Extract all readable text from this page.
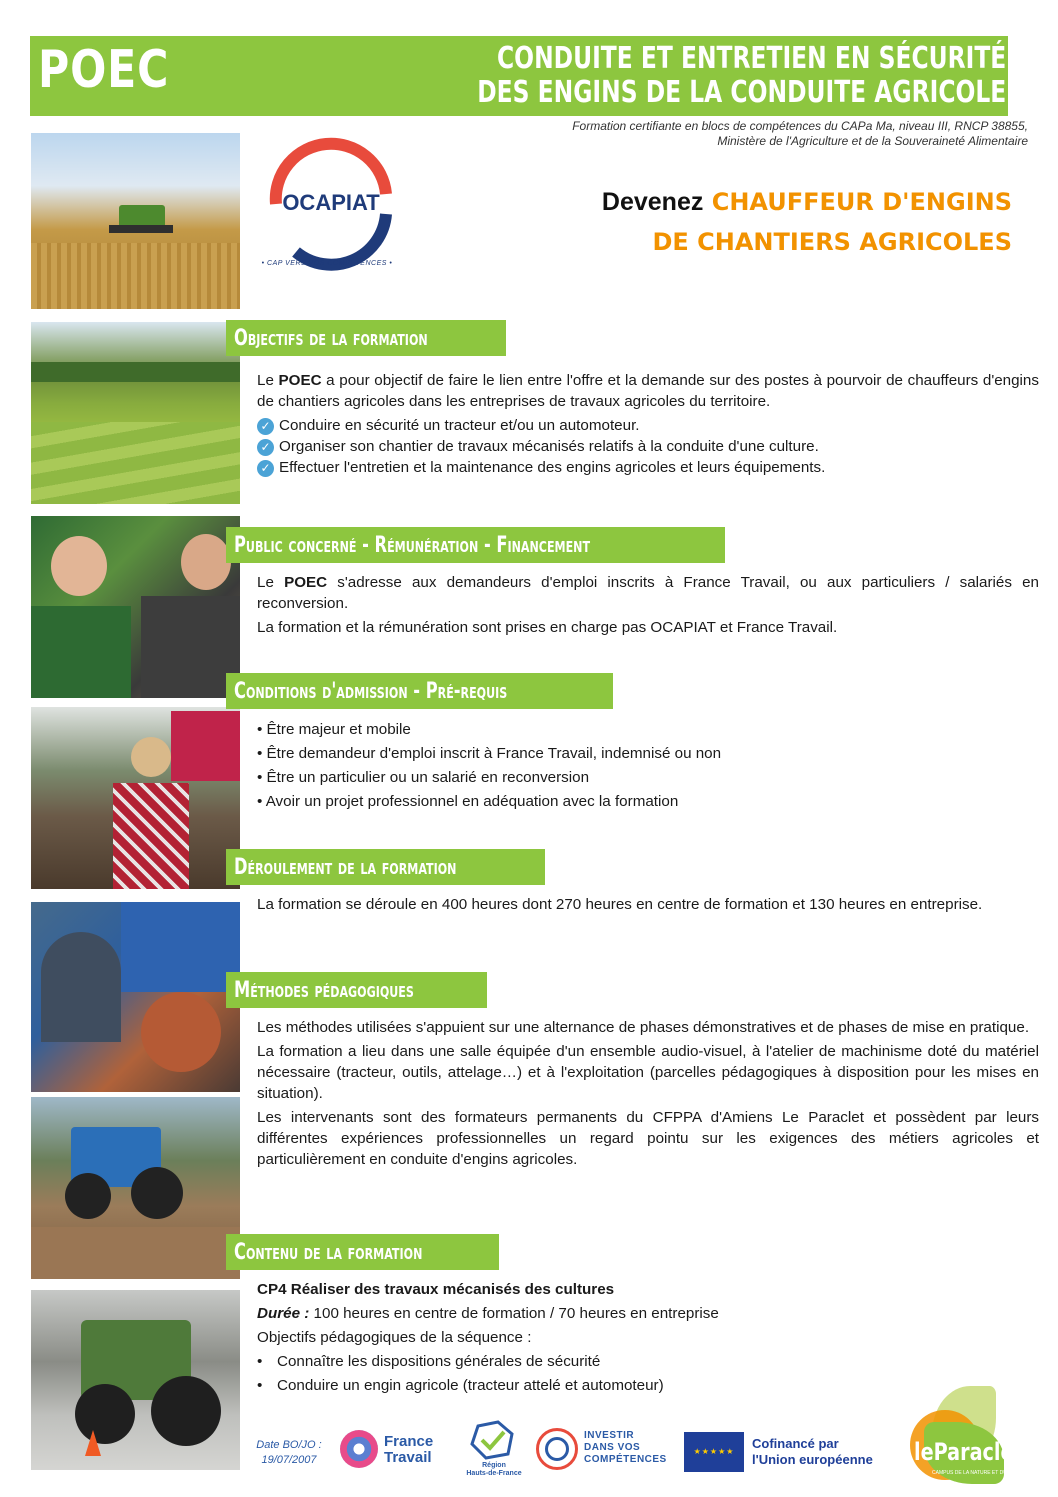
POEC	CONDUITE ET ENTRETIEN EN SÉCURITÉ
DES ENGINS DE LA CONDUITE AGRICOLE
Formation certifiante en blocs de compétences du CAPa Ma, niveau III, RNCP 38855,
Ministère de l'Agriculture et de la Souveraineté Alimentaire
OCAPIAT
• CAP VERS VOS COMPÉTENCES •
Devenez CHAUFFEUR D'ENGINS
DE CHANTIERS AGRICOLES
Objectifs de la formation

Le POEC a pour objectif de faire le lien entre l'offre et la demande sur des postes à pourvoir de chauffeurs d'engins de chantiers agricoles dans les entreprises de travaux agricoles du territoire.

✓ Conduire en sécurité un tracteur et/ou un automoteur.
✓ Organiser son chantier de travaux mécanisés relatifs à la conduite d'une culture.
✓ Effectuer l'entretien et la maintenance des engins agricoles et leurs équipements.
Public concerné - Rémunération - Financement

Le POEC s'adresse aux demandeurs d'emploi inscrits à France Travail, ou aux particuliers / salariés en reconversion.

La formation et la rémunération sont prises en charge pas OCAPIAT et France Travail.

Conditions d'admission - Pré-requis
• Être majeur et mobile
• Être demandeur d'emploi inscrit à France Travail, indemnisé ou non
• Être un particulier ou un salarié en reconversion
• Avoir un projet professionnel en adéquation avec la formation
Déroulement de la formation

La formation se déroule en 400 heures dont 270 heures en centre de formation et 130 heures en entreprise.

Méthodes pédagogiques

Les méthodes utilisées s'appuient sur une alternance de phases démonstratives et de phases de mise en pratique.

La formation a lieu dans une salle équipée d'un ensemble audio-visuel, à l'atelier de machinisme doté du matériel nécessaire (tracteur, outils, attelage…) et à l'exploitation (parcelles pédagogiques à disposition pour les mises en situation).

Les intervenants sont des formateurs permanents du CFPPA d'Amiens Le Paraclet et possèdent par leurs différentes expériences professionnelles un regard pointu sur les exigences des métiers agricoles et particulièrement en conduite d'engins agricoles.

Contenu de la formation

CP4 Réaliser des travaux mécanisés des cultures

Durée : 100 heures en centre de formation / 70 heures en entreprise

Objectifs pédagogiques de la séquence :

• Connaître les dispositions générales de sécurité
• Conduire un engin agricole (tracteur attelé et automoteur)
Date BO/JO :
19/07/2007
France
Travail	Région
Hauts-de-France
INVESTIR
DANS VOS
COMPÉTENCES
★★★★★
Cofinancé par
l'Union européenne leParaclet
CAMPUS DE LA NATURE ET DU VIVANT
